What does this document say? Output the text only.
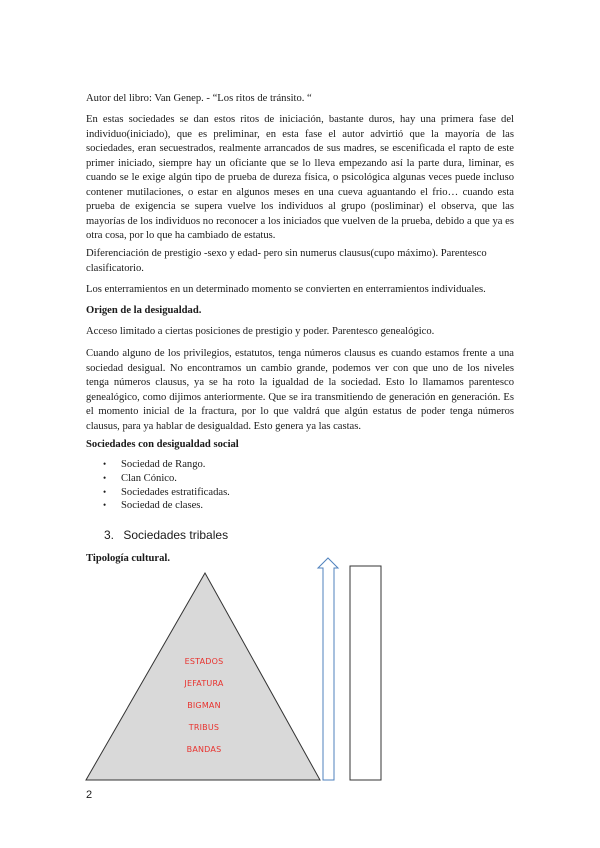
Autor del libro: Van Genep. - “Los ritos de tránsito. “

En estas sociedades se dan estos ritos de iniciación, bastante duros, hay una primera fase del individuo(iniciado), que es preliminar, en esta fase el autor advirtió que la mayoría de las sociedades, eran secuestrados, realmente arrancados de sus madres, se escenificada el rapto de este primer iniciado, siempre hay un oficiante que se lo lleva empezando así la parte dura, liminar, es cuando se le exige algún tipo de prueba de dureza física, o psicológica algunas veces puede incluso contener mutilaciones, o estar en algunos meses en una cueva aguantando el frio… cuando esta prueba de exigencia se supera vuelve los individuos al grupo (posliminar) el observa, que las mayorías de los individuos no reconocer a los iniciados que vuelven de la prueba, debido a que ya es otra cosa, por lo que ha cambiado de estatus.

Diferenciación de prestigio -sexo y edad- pero sin numerus clausus(cupo máximo). Parentesco clasificatorio.

Los enterramientos en un determinado momento se convierten en enterramientos individuales.

Origen de la desigualdad.

Acceso limitado a ciertas posiciones de prestigio y poder. Parentesco genealógico.

Cuando alguno de los privilegios, estatutos, tenga números clausus es cuando estamos frente a una sociedad desigual. No encontramos un cambio grande, podemos ver con que uno de los niveles tenga números clausus, ya se ha roto la igualdad de la sociedad. Esto lo llamamos parentesco genealógico, como dijimos anteriormente. Que se ira transmitiendo de generación en generación. Es el momento inicial de la fractura, por lo que valdrá que algún estatus de poder tenga números clausus, para ya hablar de desigualdad. Esto genera ya las castas.

Sociedades con desigualdad social

• Sociedad de Rango.
• Clan Cónico.
• Sociedades estratificadas.
• Sociedad de clases.
3. Sociedades tribales

Tipología cultural.

ESTADOS
JEFATURA
BIGMAN
TRIBUS
BANDAS
2
